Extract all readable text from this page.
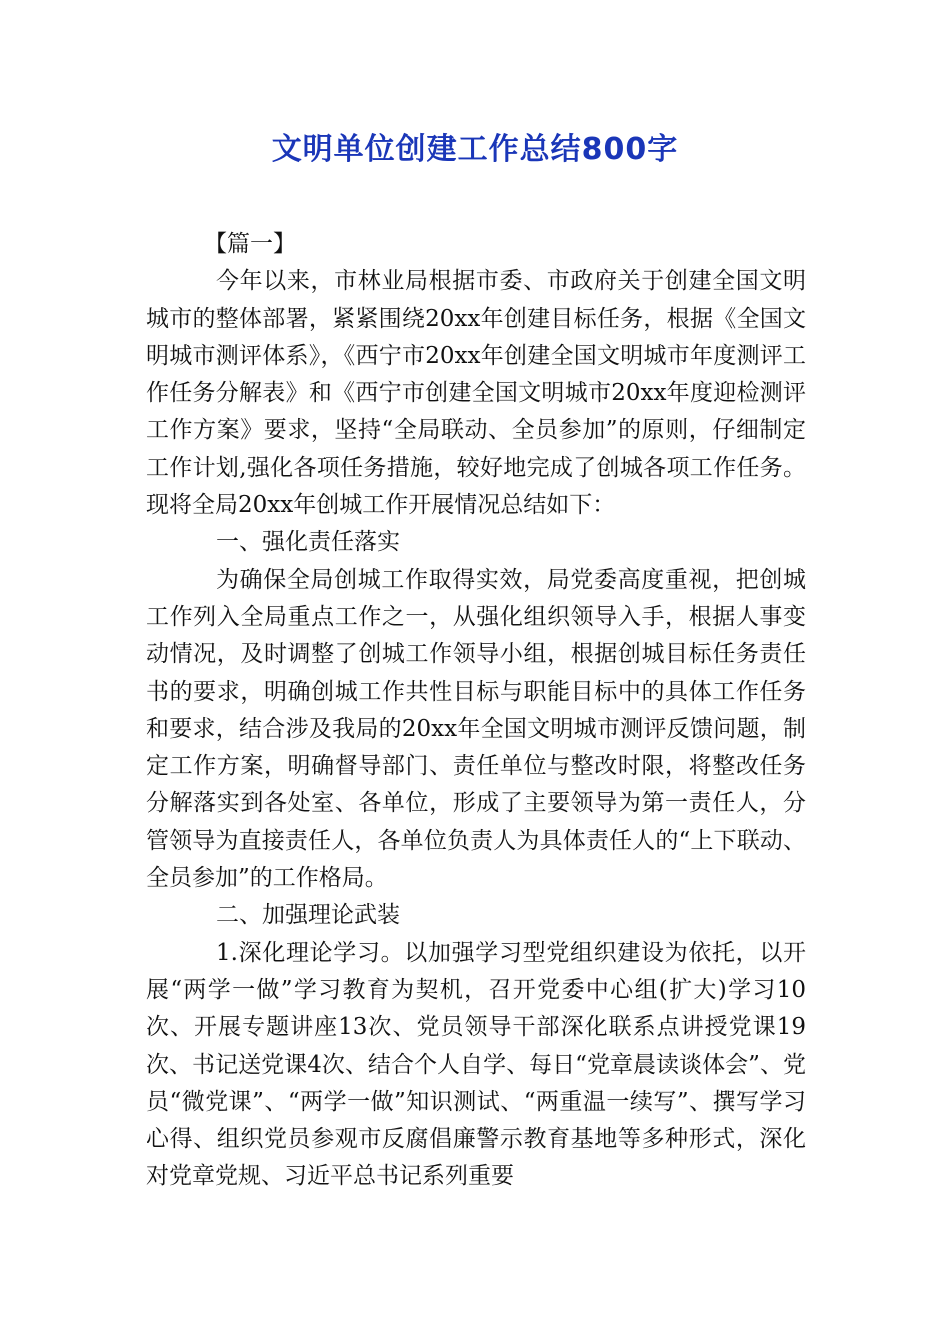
文明单位创建工作总结800字

【篇一】

今年以来，市林业局根据市委、市政府关于创建全国文明城市的整体部署，紧紧围绕20xx年创建目标任务，根据《全国文明城市测评体系》，《西宁市20xx年创建全国文明城市年度测评工作任务分解表》和《西宁市创建全国文明城市20xx年度迎检测评工作方案》要求，坚持“全局联动、全员参加”的原则，仔细制定工作计划,强化各项任务措施，较好地完成了创城各项工作任务。现将全局20xx年创城工作开展情况总结如下：

一、强化责任落实

为确保全局创城工作取得实效，局党委高度重视，把创城工作列入全局重点工作之一，从强化组织领导入手，根据人事变动情况，及时调整了创城工作领导小组，根据创城目标任务责任书的要求，明确创城工作共性目标与职能目标中的具体工作任务和要求，结合涉及我局的20xx年全国文明城市测评反馈问题，制定工作方案，明确督导部门、责任单位与整改时限，将整改任务分解落实到各处室、各单位，形成了主要领导为第一责任人，分管领导为直接责任人，各单位负责人为具体责任人的“上下联动、全员参加”的工作格局。

二、加强理论武装

1.深化理论学习。以加强学习型党组织建设为依托，以开展“两学一做”学习教育为契机，召开党委中心组(扩大)学习10次、开展专题讲座13次、党员领导干部深化联系点讲授党课19次、书记送党课4次、结合个人自学、每日“党章晨读谈体会”、党员“微党课”、“两学一做”知识测试、“两重温一续写”、撰写学习心得、组织党员参观市反腐倡廉警示教育基地等多种形式，深化对党章党规、习近平总书记系列重要
